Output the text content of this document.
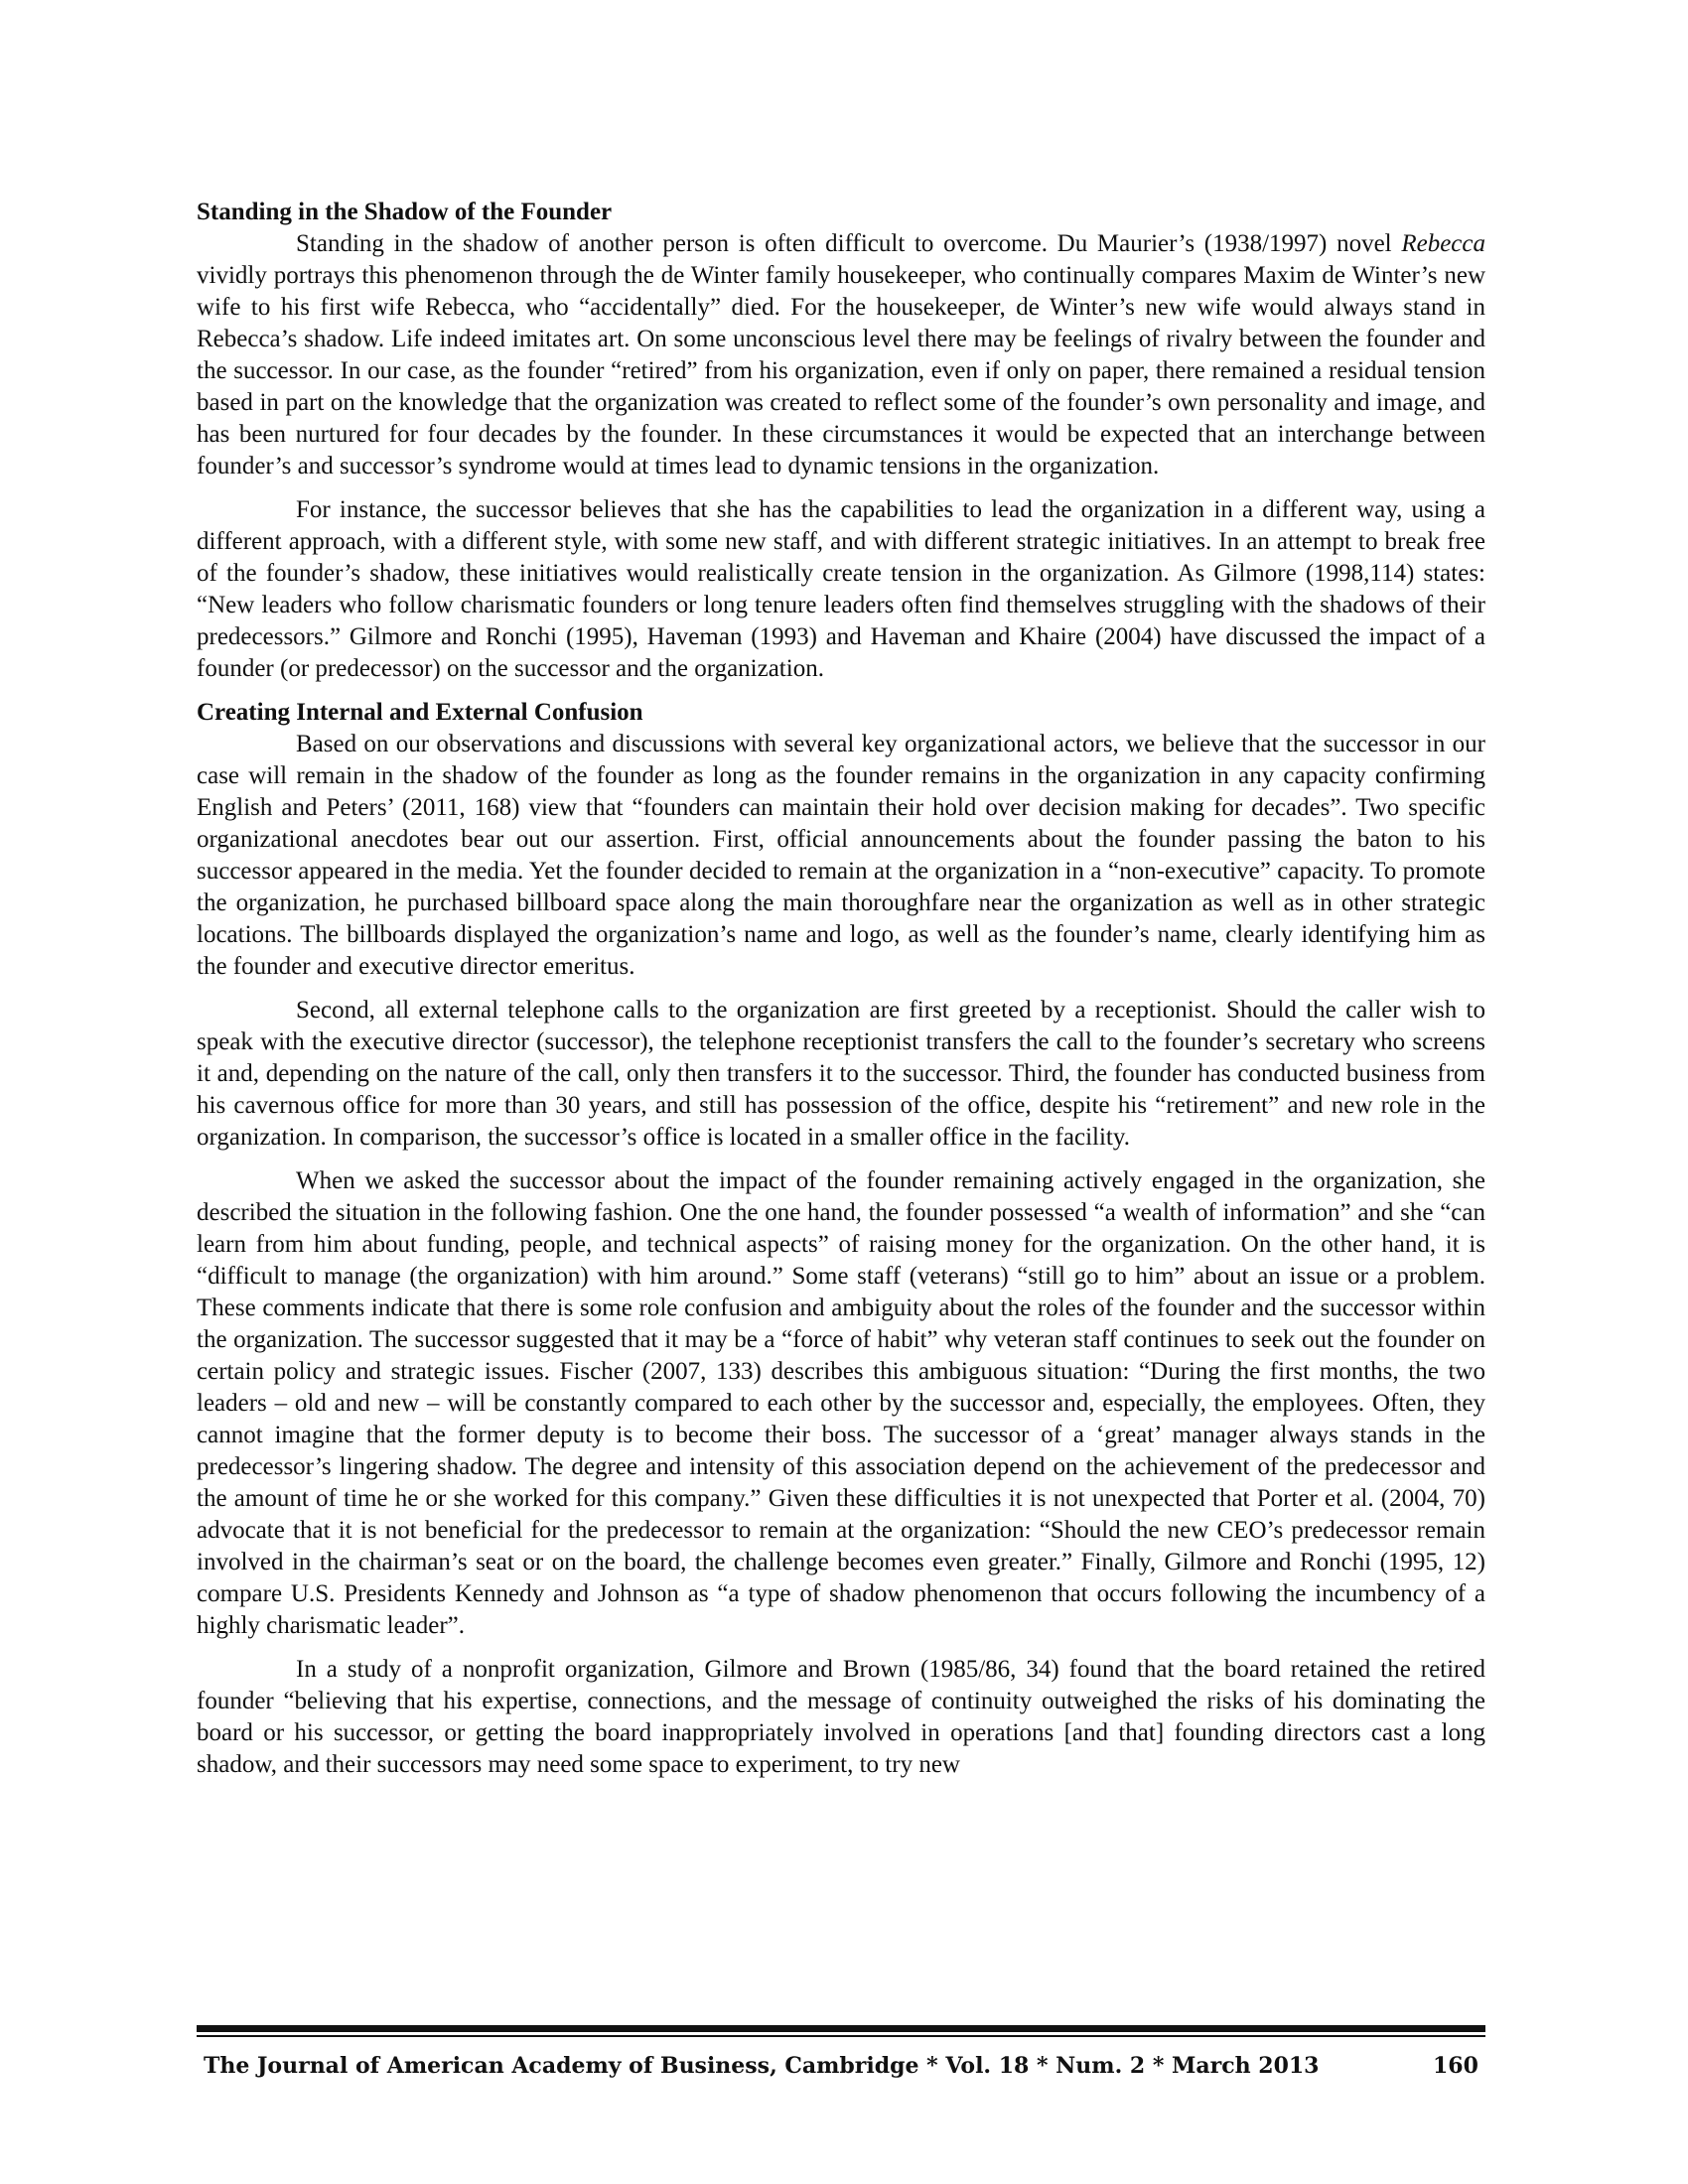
Standing in the Shadow of the Founder

Standing in the shadow of another person is often difficult to overcome. Du Maurier’s (1938/1997) novel Rebecca vividly portrays this phenomenon through the de Winter family housekeeper, who continually compares Maxim de Winter’s new wife to his first wife Rebecca, who “accidentally” died. For the housekeeper, de Winter’s new wife would always stand in Rebecca’s shadow. Life indeed imitates art. On some unconscious level there may be feelings of rivalry between the founder and the successor. In our case, as the founder “retired” from his organization, even if only on paper, there remained a residual tension based in part on the knowledge that the organization was created to reflect some of the founder’s own personality and image, and has been nurtured for four decades by the founder. In these circumstances it would be expected that an interchange between founder’s and successor’s syndrome would at times lead to dynamic tensions in the organization.

For instance, the successor believes that she has the capabilities to lead the organization in a different way, using a different approach, with a different style, with some new staff, and with different strategic initiatives. In an attempt to break free of the founder’s shadow, these initiatives would realistically create tension in the organization. As Gilmore (1998,114) states: “New leaders who follow charismatic founders or long tenure leaders often find themselves struggling with the shadows of their predecessors.” Gilmore and Ronchi (1995), Haveman (1993) and Haveman and Khaire (2004) have discussed the impact of a founder (or predecessor) on the successor and the organization.

Creating Internal and External Confusion

Based on our observations and discussions with several key organizational actors, we believe that the successor in our case will remain in the shadow of the founder as long as the founder remains in the organization in any capacity confirming English and Peters’ (2011, 168) view that “founders can maintain their hold over decision making for decades”. Two specific organizational anecdotes bear out our assertion. First, official announcements about the founder passing the baton to his successor appeared in the media. Yet the founder decided to remain at the organization in a “non-executive” capacity. To promote the organization, he purchased billboard space along the main thoroughfare near the organization as well as in other strategic locations. The billboards displayed the organization’s name and logo, as well as the founder’s name, clearly identifying him as the founder and executive director emeritus.

Second, all external telephone calls to the organization are first greeted by a receptionist. Should the caller wish to speak with the executive director (successor), the telephone receptionist transfers the call to the founder’s secretary who screens it and, depending on the nature of the call, only then transfers it to the successor. Third, the founder has conducted business from his cavernous office for more than 30 years, and still has possession of the office, despite his “retirement” and new role in the organization. In comparison, the successor’s office is located in a smaller office in the facility.

When we asked the successor about the impact of the founder remaining actively engaged in the organization, she described the situation in the following fashion. One the one hand, the founder possessed “a wealth of information” and she “can learn from him about funding, people, and technical aspects” of raising money for the organization. On the other hand, it is “difficult to manage (the organization) with him around.” Some staff (veterans) “still go to him” about an issue or a problem. These comments indicate that there is some role confusion and ambiguity about the roles of the founder and the successor within the organization. The successor suggested that it may be a “force of habit” why veteran staff continues to seek out the founder on certain policy and strategic issues. Fischer (2007, 133) describes this ambiguous situation: “During the first months, the two leaders – old and new – will be constantly compared to each other by the successor and, especially, the employees. Often, they cannot imagine that the former deputy is to become their boss. The successor of a ‘great’ manager always stands in the predecessor’s lingering shadow. The degree and intensity of this association depend on the achievement of the predecessor and the amount of time he or she worked for this company.” Given these difficulties it is not unexpected that Porter et al. (2004, 70) advocate that it is not beneficial for the predecessor to remain at the organization: “Should the new CEO’s predecessor remain involved in the chairman’s seat or on the board, the challenge becomes even greater.” Finally, Gilmore and Ronchi (1995, 12) compare U.S. Presidents Kennedy and Johnson as “a type of shadow phenomenon that occurs following the incumbency of a highly charismatic leader”.

In a study of a nonprofit organization, Gilmore and Brown (1985/86, 34) found that the board retained the retired founder “believing that his expertise, connections, and the message of continuity outweighed the risks of his dominating the board or his successor, or getting the board inappropriately involved in operations [and that] founding directors cast a long shadow, and their successors may need some space to experiment, to try new

The Journal of American Academy of Business, Cambridge * Vol. 18 * Num. 2 * March 2013	160
